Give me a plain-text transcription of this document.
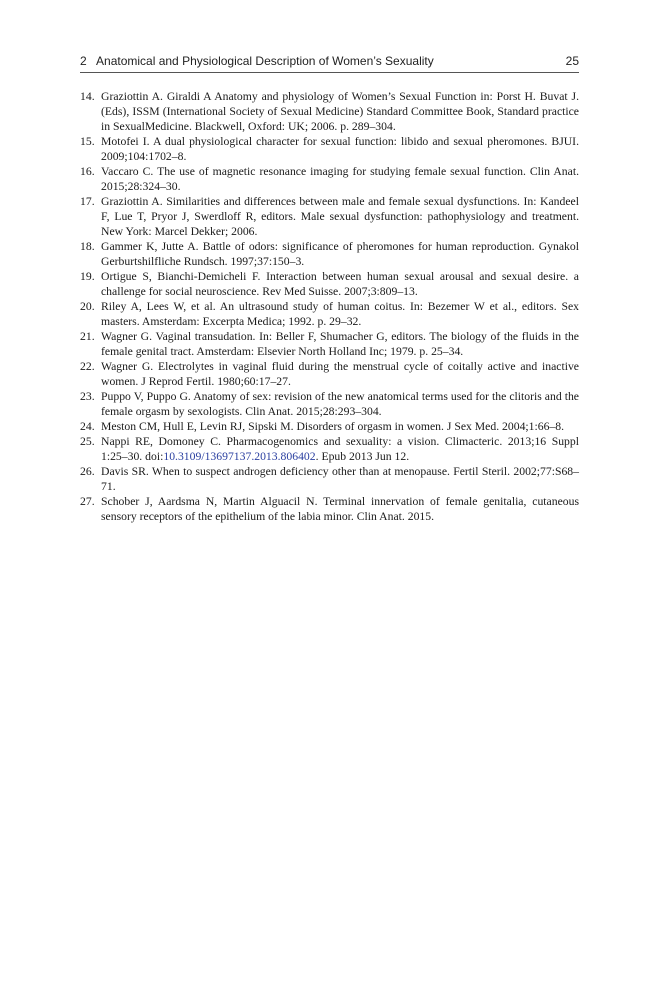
2   Anatomical and Physiological Description of Women’s Sexuality	25
14. Graziottin A. Giraldi A Anatomy and physiology of Women’s Sexual Function in: Porst H. Buvat J. (Eds), ISSM (International Society of Sexual Medicine) Standard Committee Book, Standard practice in SexualMedicine. Blackwell, Oxford: UK; 2006. p. 289–304.
15. Motofei I. A dual physiological character for sexual function: libido and sexual pheromones. BJUI. 2009;104:1702–8.
16. Vaccaro C. The use of magnetic resonance imaging for studying female sexual function. Clin Anat. 2015;28:324–30.
17. Graziottin A. Similarities and differences between male and female sexual dysfunctions. In: Kandeel F, Lue T, Pryor J, Swerdloff R, editors. Male sexual dysfunction: pathophysiology and treatment. New York: Marcel Dekker; 2006.
18. Gammer K, Jutte A. Battle of odors: significance of pheromones for human reproduction. Gynakol Gerburtshilfliche Rundsch. 1997;37:150–3.
19. Ortigue S, Bianchi-Demicheli F. Interaction between human sexual arousal and sexual desire. a challenge for social neuroscience. Rev Med Suisse. 2007;3:809–13.
20. Riley A, Lees W, et al. An ultrasound study of human coitus. In: Bezemer W et al., editors. Sex masters. Amsterdam: Excerpta Medica; 1992. p. 29–32.
21. Wagner G. Vaginal transudation. In: Beller F, Shumacher G, editors. The biology of the fluids in the female genital tract. Amsterdam: Elsevier North Holland Inc; 1979. p. 25–34.
22. Wagner G. Electrolytes in vaginal fluid during the menstrual cycle of coitally active and inactive women. J Reprod Fertil. 1980;60:17–27.
23. Puppo V, Puppo G. Anatomy of sex: revision of the new anatomical terms used for the clitoris and the female orgasm by sexologists. Clin Anat. 2015;28:293–304.
24. Meston CM, Hull E, Levin RJ, Sipski M. Disorders of orgasm in women. J Sex Med. 2004;1:66–8.
25. Nappi RE, Domoney C. Pharmacogenomics and sexuality: a vision. Climacteric. 2013;16 Suppl 1:25–30. doi:10.3109/13697137.2013.806402. Epub 2013 Jun 12.
26. Davis SR. When to suspect androgen deficiency other than at menopause. Fertil Steril. 2002;77:S68–71.
27. Schober J, Aardsma N, Martin Alguacil N. Terminal innervation of female genitalia, cutaneous sensory receptors of the epithelium of the labia minor. Clin Anat. 2015.
